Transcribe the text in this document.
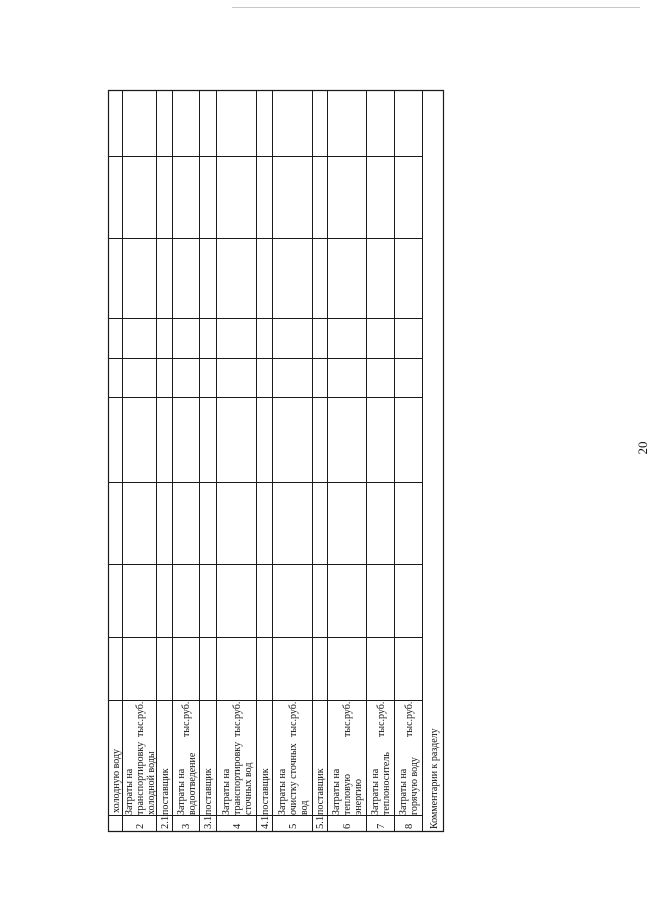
20
холодную воду Затраты на
транспортировку
холодной воды
тыс.руб.
2
поставщик
2.1
Затраты на
водоотведение
тыс.руб.
3
поставщик
3.1
Затраты на
транспортировку
сточных вод
тыс.руб.
4
поставщик
4.1
Затраты на
очистку сточных
вод
тыс.руб.
5
поставщик
5.1
Затраты на
тепловую
энергию
тыс.руб.
6
Затраты на
теплоноситель
тыс.руб.
7
Затраты на
горячую воду
тыс.руб.
8 Комментарии к разделу
